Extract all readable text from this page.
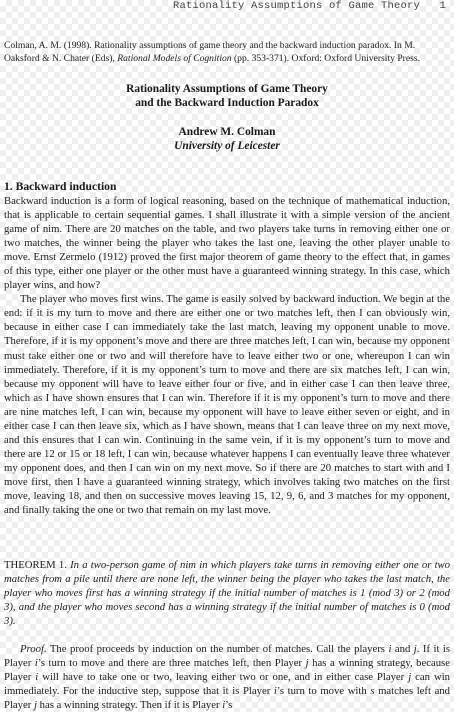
Rationality Assumptions of Game Theory   1
Colman, A. M. (1998). Rationality assumptions of game theory and the backward induction paradox. In M. Oaksford & N. Chater (Eds), Rational Models of Cognition (pp. 353-371). Oxford: Oxford University Press.
Rationality Assumptions of Game Theory
and the Backward Induction Paradox
Andrew M. Colman
University of Leicester
1. Backward induction

Backward induction is a form of logical reasoning, based on the technique of mathematical induction, that is applicable to certain sequential games. I shall illustrate it with a simple version of the ancient game of nim. There are 20 matches on the table, and two players take turns in removing either one or two matches, the winner being the player who takes the last one, leaving the other player unable to move. Ernst Zermelo (1912) proved the first major theorem of game theory to the effect that, in games of this type, either one player or the other must have a guaranteed winning strategy. In this case, which player wins, and how?

The player who moves first wins. The game is easily solved by backward induction. We begin at the end: if it is my turn to move and there are either one or two matches left, then I can obviously win, because in either case I can immediately take the last match, leaving my opponent unable to move. Therefore, if it is my opponent’s move and there are three matches left, I can win, because my opponent must take either one or two and will therefore have to leave either two or one, whereupon I can win immediately. Therefore, if it is my opponent’s turn to move and there are six matches left, I can win, because my opponent will have to leave either four or five, and in either case I can then leave three, which as I have shown ensures that I can win. Therefore if it is my opponent’s turn to move and there are nine matches left, I can win, because my opponent will have to leave either seven or eight, and in either case I can then leave six, which as I have shown, means that I can leave three on my next move, and this ensures that I can win. Continuing in the same vein, if it is my opponent’s turn to move and there are 12 or 15 or 18 left, I can win, because whatever happens I can eventually leave three whatever my opponent does, and then I can win on my next move. So if there are 20 matches to start with and I move first, then I have a guaranteed winning strategy, which involves taking two matches on the first move, leaving 18, and then on successive moves leaving 15, 12, 9, 6, and 3 matches for my opponent, and finally taking the one or two that remain on my last move.

THEOREM 1. In a two-person game of nim in which players take turns in removing either one or two matches from a pile until there are none left, the winner being the player who takes the last match, the player who moves first has a winning strategy if the initial number of matches is 1 (mod 3) or 2 (mod 3), and the player who moves second has a winning strategy if the initial number of matches is 0 (mod 3).

Proof. The proof proceeds by induction on the number of matches. Call the players i and j. If it is Player i’s turn to move and there are three matches left, then Player j has a winning strategy, because Player i will have to take one or two, leaving either two or one, and in either case Player j can win immediately. For the inductive step, suppose that it is Player i’s turn to move with s matches left and Player j has a winning strategy. Then if it is Player i’s
